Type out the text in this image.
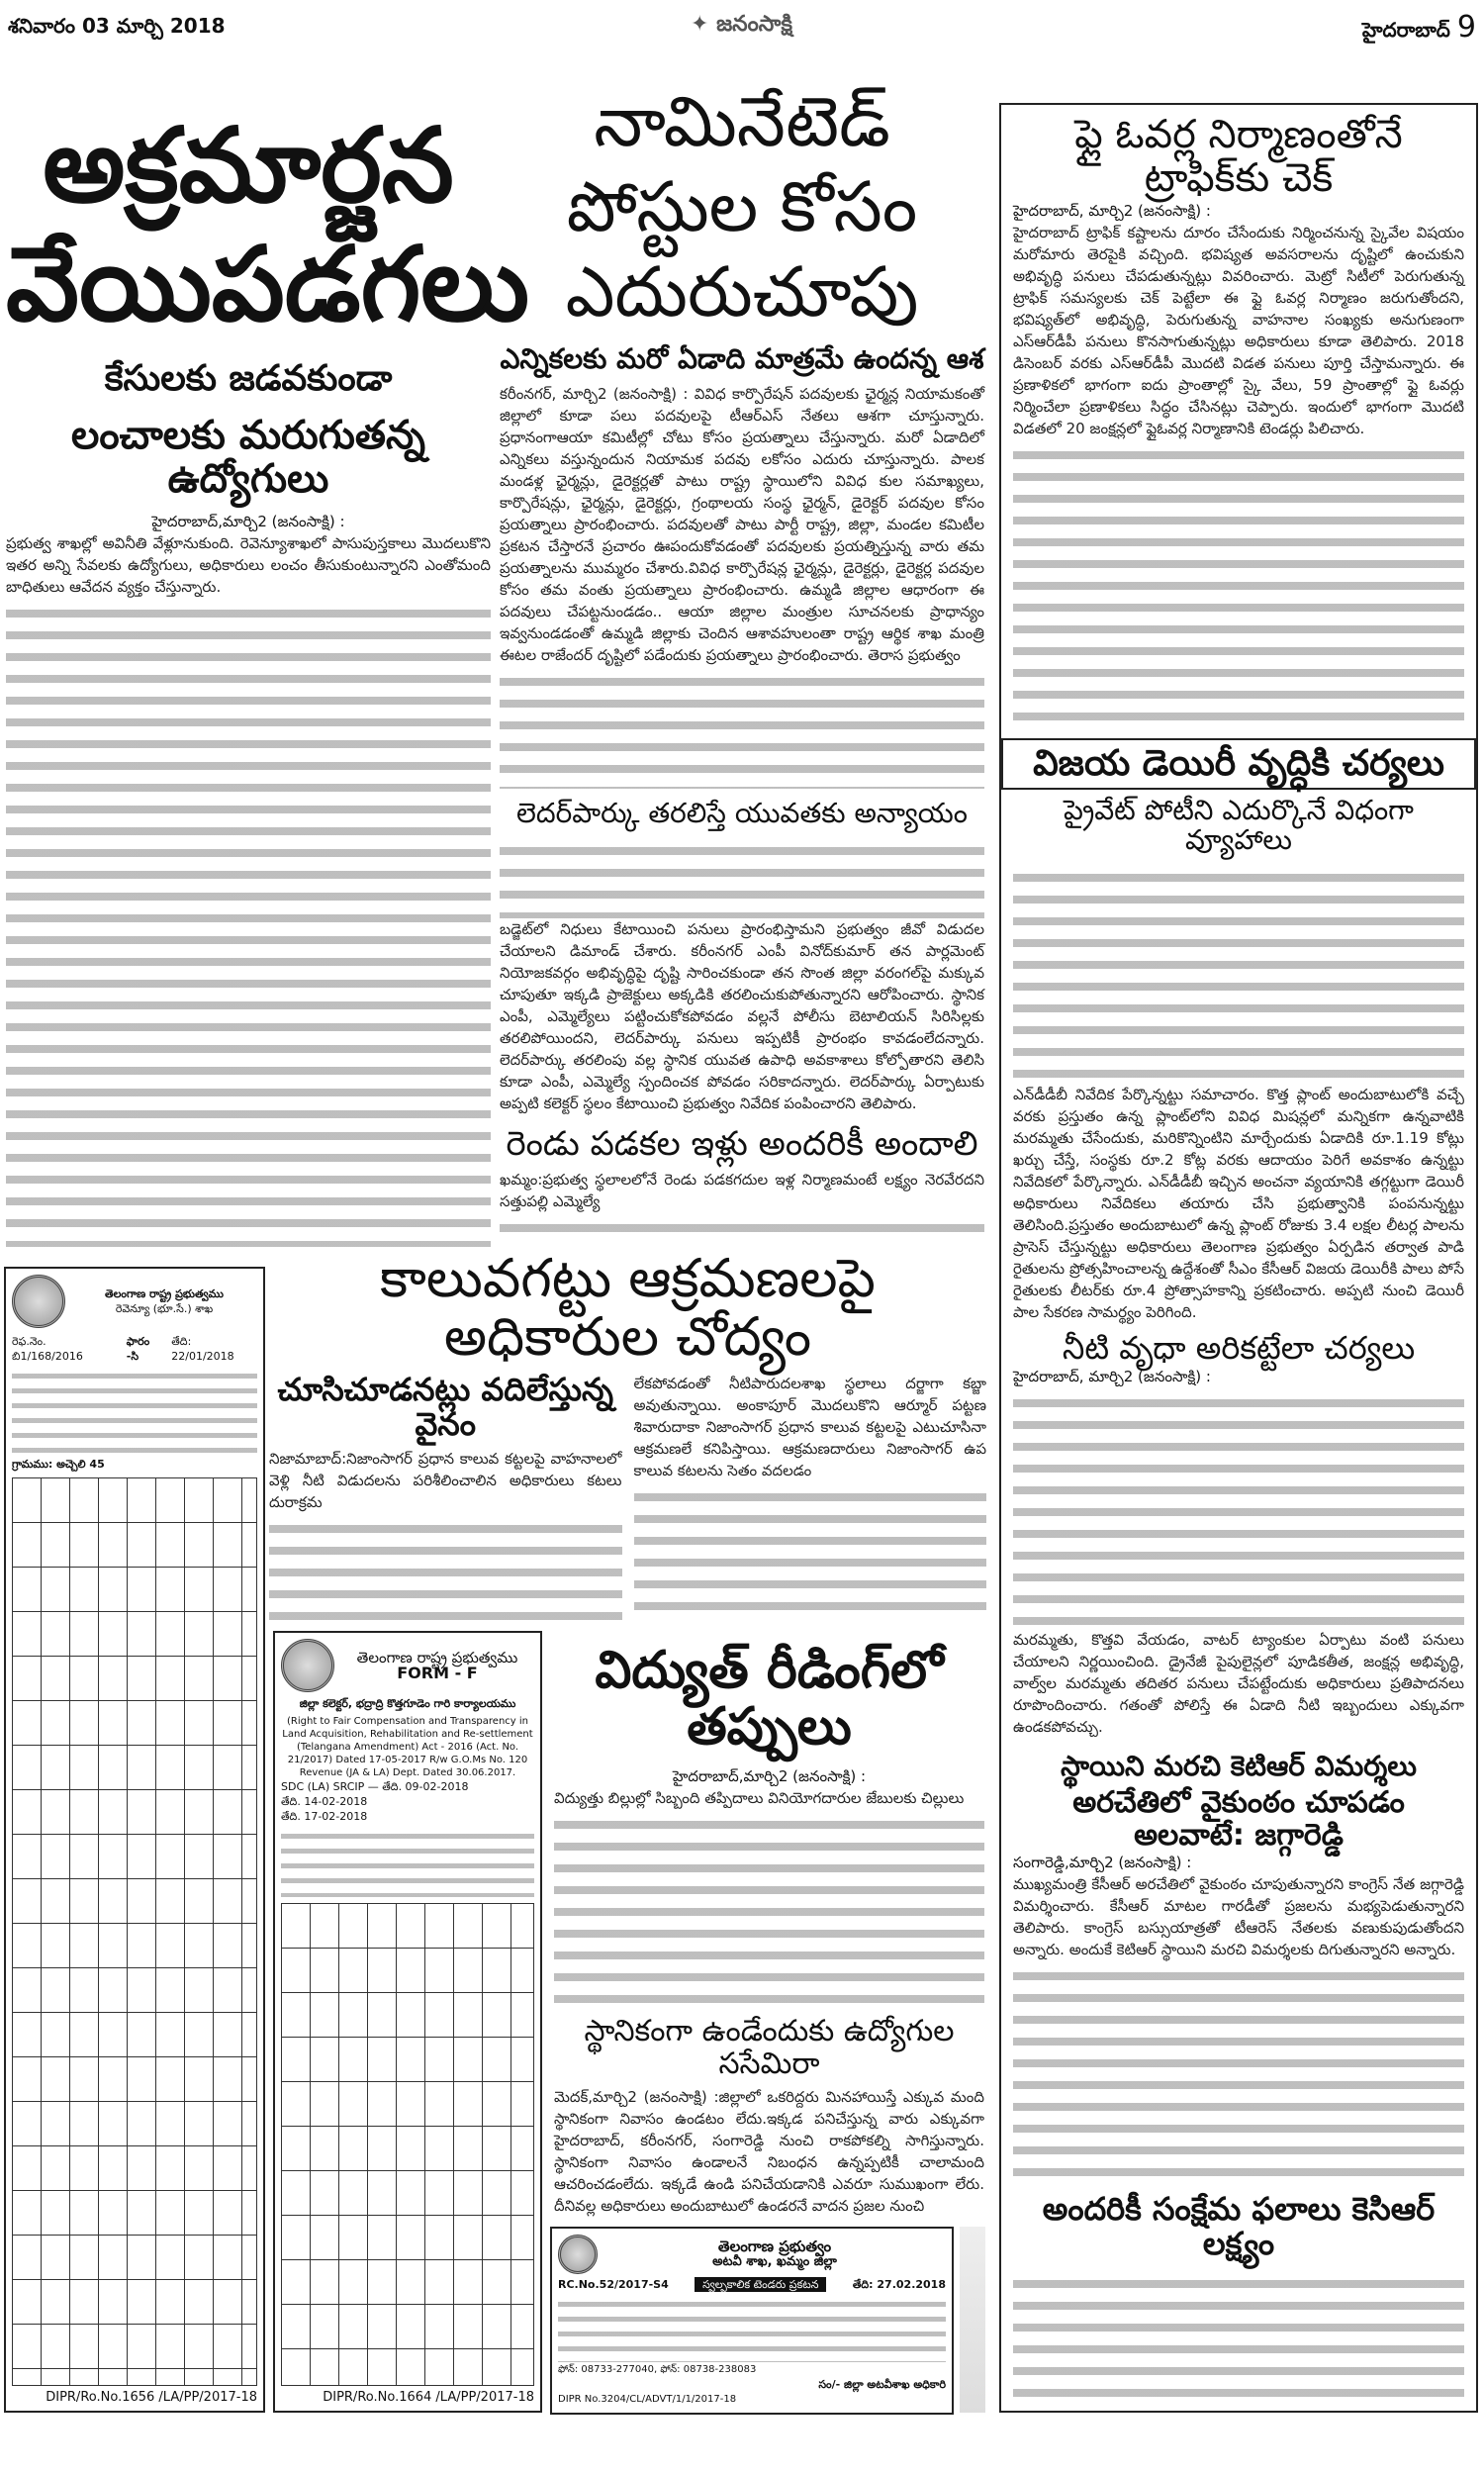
శనివారం 03 మార్చి 2018	✦ జనంసాక్షి	హైదరాబాద్ 9
అక్రమార్జన
వేయిపడగలు
కేసులకు జడవకుండా
లంచాలకు మరుగుతన్న ఉద్యోగులు
హైదరాబాద్,మార్చి2 (జనంసాక్షి) :
ప్రభుత్వ శాఖల్లో అవినీతి వేళ్లూనుకుంది. రెవెన్యూశాఖలో పాసుపుస్తకాలు మొదలుకొని ఇతర అన్ని సేవలకు ఉద్యోగులు, అధికారులు లంచం తీసుకుంటున్నారని ఎంతోమంది బాధితులు ఆవేదన వ్యక్తం చేస్తున్నారు.
నామినేటెడ్ పోస్టుల కోసం ఎదురుచూపు
ఎన్నికలకు మరో ఏడాది మాత్రమే ఉందన్న ఆశ
కరీంనగర్, మార్చి2 (జనంసాక్షి) : వివిధ కార్పొరేషన్ పదవులకు ఛైర్మన్ల నియామకంతో జిల్లాలో కూడా పలు పదవులపై టీఆర్ఎస్ నేతలు ఆశగా చూస్తున్నారు. ప్రధానంగాఆయా కమిటీల్లో చోటు కోసం ప్రయత్నాలు చేస్తున్నారు. మరో ఏడాదిలో ఎన్నికలు వస్తున్నందున నియామక పదవు లకోసం ఎదురు చూస్తున్నారు. పాలక మండళ్ల ఛైర్మన్లు, డైరెక్టర్లతో పాటు రాష్ట్ర స్థాయిలోని వివిధ కుల సమాఖ్యలు, కార్పొరేషన్లు, ఛైర్మన్లు, డైరెక్టర్లు, గ్రంథాలయ సంస్థ ఛైర్మన్, డైరెక్టర్ పదవుల కోసం ప్రయత్నాలు ప్రారంభించారు. పదవులతో పాటు పార్టీ రాష్ట్ర, జిల్లా, మండల కమిటీల ప్రకటన చేస్తారనే ప్రచారం ఊపందుకోవడంతో పదవులకు ప్రయత్నిస్తున్న వారు తమ ప్రయత్నాలను ముమ్మరం చేశారు.వివిధ కార్పొరేషన్ల ఛైర్మన్లు, డైరెక్టర్లు, డైరెక్టర్ల పదవుల కోసం తమ వంతు ప్రయత్నాలు ప్రారంభించారు. ఉమ్మడి జిల్లాల ఆధారంగా ఈ పదవులు చేపట్టనుండడం.. ఆయా జిల్లాల మంత్రుల సూచనలకు ప్రాధాన్యం ఇవ్వనుండడంతో ఉమ్మడి జిల్లాకు చెందిన ఆశావహులంతా రాష్ట్ర ఆర్థిక శాఖ మంత్రి ఈటల రాజేందర్ దృష్టిలో పడేందుకు ప్రయత్నాలు ప్రారంభించారు. తెరాస ప్రభుత్వం
లెదర్‌పార్కు తరలిస్తే యువతకు అన్యాయం
బడ్జెట్‌లో నిధులు కేటాయించి పనులు ప్రారంభిస్తామని ప్రభుత్వం జీవో విడుదల చేయాలని డిమాండ్ చేశారు. కరీంనగర్ ఎంపీ వినోద్‌కుమార్ తన పార్లమెంట్ నియోజకవర్గం అభివృద్ధిపై దృష్టి సారించకుండా తన సొంత జిల్లా వరంగల్‌పై మక్కువ చూపుతూ ఇక్కడి ప్రాజెక్టులు అక్కడికి తరలించుకుపోతున్నారని ఆరోపించారు. స్థానిక ఎంపీ, ఎమ్మెల్యేలు పట్టించుకోకపోవడం వల్లనే పోలీసు బెటాలియన్ సిరిసిల్లకు తరలిపోయిందని, లెదర్‌పార్కు పనులు ఇప్పటికీ ప్రారంభం కావడంలేదన్నారు. లెదర్‌పార్కు తరలింపు వల్ల స్థానిక యువత ఉపాధి అవకాశాలు కోల్పోతారని తెలిసి కూడా ఎంపీ, ఎమ్మెల్యే స్పందించక పోవడం సరికాదన్నారు. లెదర్‌పార్కు ఏర్పాటుకు అప్పటి కలెక్టర్ స్థలం కేటాయించి ప్రభుత్వం నివేదిక పంపించారని తెలిపారు.
రెండు పడకల ఇళ్లు అందరికీ అందాలి
ఖమ్మం:ప్రభుత్వ స్థలాలలోనే రెండు పడకగదుల ఇళ్ల నిర్మాణమంటే లక్ష్యం నెరవేరదని సత్తుపల్లి ఎమ్మెల్యే
కాలువగట్టు ఆక్రమణలపై అధికారుల చోద్యం
చూసిచూడనట్లు వదిలేస్తున్న వైనం
నిజామాబాద్:నిజాంసాగర్ ప్రధాన కాలువ కట్టలపై వాహనాలలో వెళ్లి నీటి విడుదలను పరిశీలించాలిన అధికారులు కటలు దురాక్రమ
లేకపోవడంతో నీటిపారుదలశాఖ స్థలాలు దర్జాగా కబ్జా అవుతున్నాయి. అంకాపూర్ మొదలుకొని ఆర్మూర్ పట్టణ శివారుదాకా నిజాంసాగర్ ప్రధాన కాలువ కట్టలపై ఎటుచూసినా ఆక్రమణలే కనిపిస్తాయి. ఆక్రమణదారులు నిజాంసాగర్ ఉప కాలువ కటలను సెతం వదలడం
విద్యుత్ రీడింగ్‌లో తప్పులు
హైదరాబాద్,మార్చి2 (జనంసాక్షి) :
విద్యుత్తు బిల్లుల్లో సిబ్బంది తప్పిదాలు వినియోగదారుల జేబులకు చిల్లులు
స్థానికంగా ఉండేందుకు ఉద్యోగుల ససేమిరా
మెదక్,మార్చి2 (జనంసాక్షి) :జిల్లాలో ఒకరిద్దరు మినహాయిస్తే ఎక్కువ మంది స్థానికంగా నివాసం ఉండటం లేదు.ఇక్కడ పనిచేస్తున్న వారు ఎక్కువగా హైదరాబాద్, కరీంనగర్, సంగారెడ్డి నుంచి రాకపోకల్ని సాగిస్తున్నారు. స్థానికంగా నివాసం ఉండాలనే నిబంధన ఉన్నప్పటికీ చాలామంది ఆచరించడంలేదు. ఇక్కడే ఉండి పనిచేయడానికి ఎవరూ సుముఖంగా లేరు. దీనివల్ల అధికారులు అందుబాటులో ఉండరనే వాదన ప్రజల నుంచి
తెలంగాణ రాష్ట్ర ప్రభుత్వము
రెవెన్యూ (భూ.సే.) శాఖ
రెఫ.నెం. బి1/168/2016
ఫారం -సి
తేది: 22/01/2018
గ్రామము: అచ్చెలి 45
DIPR/Ro.No.1656 /LA/PP/2017-18
తెలంగాణ రాష్ట్ర ప్రభుత్వము
FORM - F
జిల్లా కలెక్టర్, భద్రాద్రి కొత్తగూడెం గారి కార్యాలయము
(Right to Fair Compensation and Transparency in Land Acquisition, Rehabilitation and Re-settlement (Telangana Amendment) Act - 2016 (Act. No. 21/2017) Dated 17-05-2017 R/w G.O.Ms No. 120 Revenue (JA & LA) Dept. Dated 30.06.2017.
SDC (LA) SRCIP — తేది. 09-02-2018
తేది. 14-02-2018
తేది. 17-02-2018
DIPR/Ro.No.1664 /LA/PP/2017-18
తెలంగాణ ప్రభుత్వం
అటవీ శాఖ, ఖమ్మం జిల్లా
RC.No.52/2017-S4	స్వల్పకాలిక టెండరు ప్రకటన	తేది: 27.02.2018
ఫోన్: 08733-277040, ఫోన్: 08738-238083
సం/- జిల్లా అటవీశాఖ అధికారి
DIPR No.3204/CL/ADVT/1/1/2017-18
ఫ్లై ఓవర్ల నిర్మాణంతోనే ట్రాఫిక్‌కు చెక్
హైదరాబాద్, మార్చి2 (జనంసాక్షి) :
హైదరాబాద్ ట్రాఫిక్ కష్టాలను దూరం చేసేందుకు నిర్మించనున్న స్కైవేల విషయం మరోమారు తెరపైకి వచ్చింది. భవిష్యత అవసరాలను దృష్టిలో ఉంచుకుని అభివృద్ధి పనులు చేపడుతున్నట్లు వివరించారు. మెట్రో సిటీలో పెరుగుతున్న ట్రాఫిక్ సమస్యలకు చెక్ పెట్టేలా ఈ ఫ్లై ఓవర్ల నిర్మాణం జరుగుతోందని, భవిష్యత్‌లో అభివృద్ధి, పెరుగుతున్న వాహనాల సంఖ్యకు అనుగుణంగా ఎస్‌ఆర్‌డీపీ పనులు కొనసాగుతున్నట్లు అధికారులు కూడా తెలిపారు. 2018 డిసెంబర్ వరకు ఎస్‌ఆర్‌డీపీ మొదటి విడత పనులు పూర్తి చేస్తామన్నారు. ఈ ప్రణాళికలో భాగంగా ఐదు ప్రాంతాల్లో స్కై వేలు, 59 ప్రాంతాల్లో ఫ్లై ఓవర్లు నిర్మించేలా ప్రణాళికలు సిద్ధం చేసినట్లు చెప్పారు. ఇందులో భాగంగా మొదటి విడతలో 20 జంక్షన్లలో ఫ్లైఓవర్ల నిర్మాణానికి టెండర్లు పిలిచారు.
విజయ డెయిరీ వృద్ధికి చర్యలు
ప్రైవేట్ పోటీని ఎదుర్కొనే విధంగా వ్యూహాలు
ఎన్‌డీడీబీ నివేదిక పేర్కొన్నట్టు సమాచారం. కొత్త ప్లాంట్ అందుబాటులోకి వచ్చే వరకు ప్రస్తుతం ఉన్న ప్లాంట్‌లోని వివిధ మిషన్లలో మన్నికగా ఉన్నవాటికి మరమ్మతు చేసేందుకు, మరికొన్నింటిని మార్చేందుకు ఏడాదికి రూ.1.19 కోట్లు ఖర్చు చేస్తే, సంస్థకు రూ.2 కోట్ల వరకు ఆదాయం పెరిగే అవకాశం ఉన్నట్టు నివేదికలో పేర్కొన్నారు. ఎన్‌డీడీబీ ఇచ్చిన అంచనా వ్యయానికి తగ్గట్టుగా డెయిరీ అధికారులు నివేదికలు తయారు చేసి ప్రభుత్వానికి పంపనున్నట్టు తెలిసింది.ప్రస్తుతం అందుబాటులో ఉన్న ప్లాంట్ రోజుకు 3.4 లక్షల లీటర్ల పాలను ప్రాసెస్ చేస్తున్నట్టు అధికారులు తెలంగాణ ప్రభుత్వం ఏర్పడిన తర్వాత పాడి రైతులను ప్రోత్సహించాలన్న ఉద్దేశంతో సీఎం కేసీఆర్ విజయ డెయిరీకి పాలు పోసే రైతులకు లీటర్‌కు రూ.4 ప్రోత్సాహకాన్ని ప్రకటించారు. అప్పటి నుంచి డెయిరీ పాల సేకరణ సామర్థ్యం పెరిగింది.
నీటి వృధా అరికట్టేలా చర్యలు
హైదరాబాద్, మార్చి2 (జనంసాక్షి) :
మరమ్మతు, కొత్తవి వేయడం, వాటర్ ట్యాంకుల ఏర్పాటు వంటి పనులు చేయాలని నిర్ణయించింది. డ్రైనేజీ పైపులైన్లలో పూడికతీత, జంక్షన్ల అభివృద్ధి, వాల్వ్‌ల మరమ్మతు తదితర పనులు చేపట్టేందుకు అధికారులు ప్రతిపాదనలు రూపొందించారు. గతంతో పోలిస్తే ఈ ఏడాది నీటి ఇబ్బందులు ఎక్కువగా ఉండకపోవచ్చు.
స్థాయిని మరచి కెటిఆర్ విమర్శలు
అరచేతిలో వైకుంఠం చూపడం అలవాటే: జగ్గారెడ్డి
సంగారెడ్డి,మార్చి2 (జనంసాక్షి) :
ముఖ్యమంత్రి కేసీఆర్ అరచేతిలో వైకుంఠం చూపుతున్నారని కాంగ్రెస్ నేత జగ్గారెడ్డి విమర్శించారు. కేసీఆర్ మాటల గారడీతో ప్రజలను మభ్యపెడుతున్నారని తెలిపారు. కాంగ్రెస్ బస్సుయాత్రతో టీఆరెస్ నేతలకు వణుకుపుడుతోందని అన్నారు. అందుకే కెటిఆర్ స్థాయిని మరచి విమర్శలకు దిగుతున్నారని అన్నారు.
అందరికీ సంక్షేమ ఫలాలు కెసిఆర్ లక్ష్యం
